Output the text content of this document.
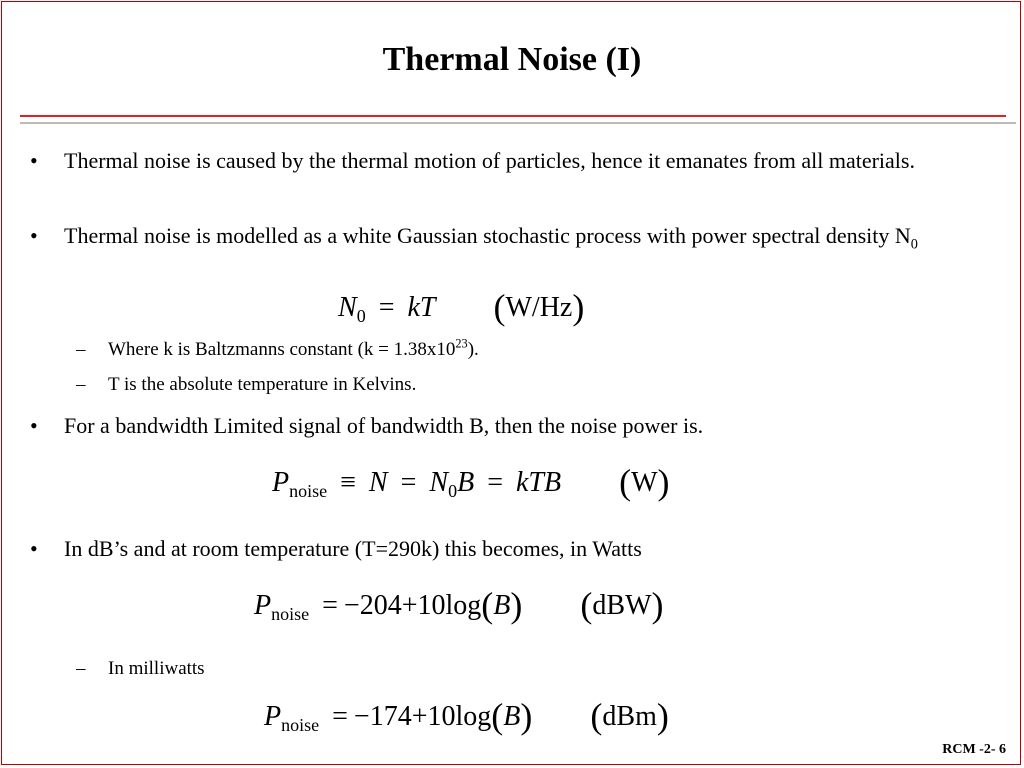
Thermal Noise (I)
• Thermal noise is caused by the thermal motion of particles, hence it emanates from all materials.
• Thermal noise is modelled as a white Gaussian stochastic process with power spectral density $N_0$
$N_0$ = kT (W/Hz)
– Where k is Baltzmanns constant $(k = 1.38x10^{23})$.
– T is the absolute temperature in Kelvins.
• For a bandwidth Limited signal of bandwidth B, then the noise power is.
$P_{noise} \equiv N = N_0B$ = kTB (W)
• In dB’s and at room temperature (T=290k) this becomes, in Watts
$P_{noise} = -204+10\log(B)$ (dBW)
– In milliwatts
$P_{noise} = -174+10\log(B)$ (dBm)
RCM -2- 6
